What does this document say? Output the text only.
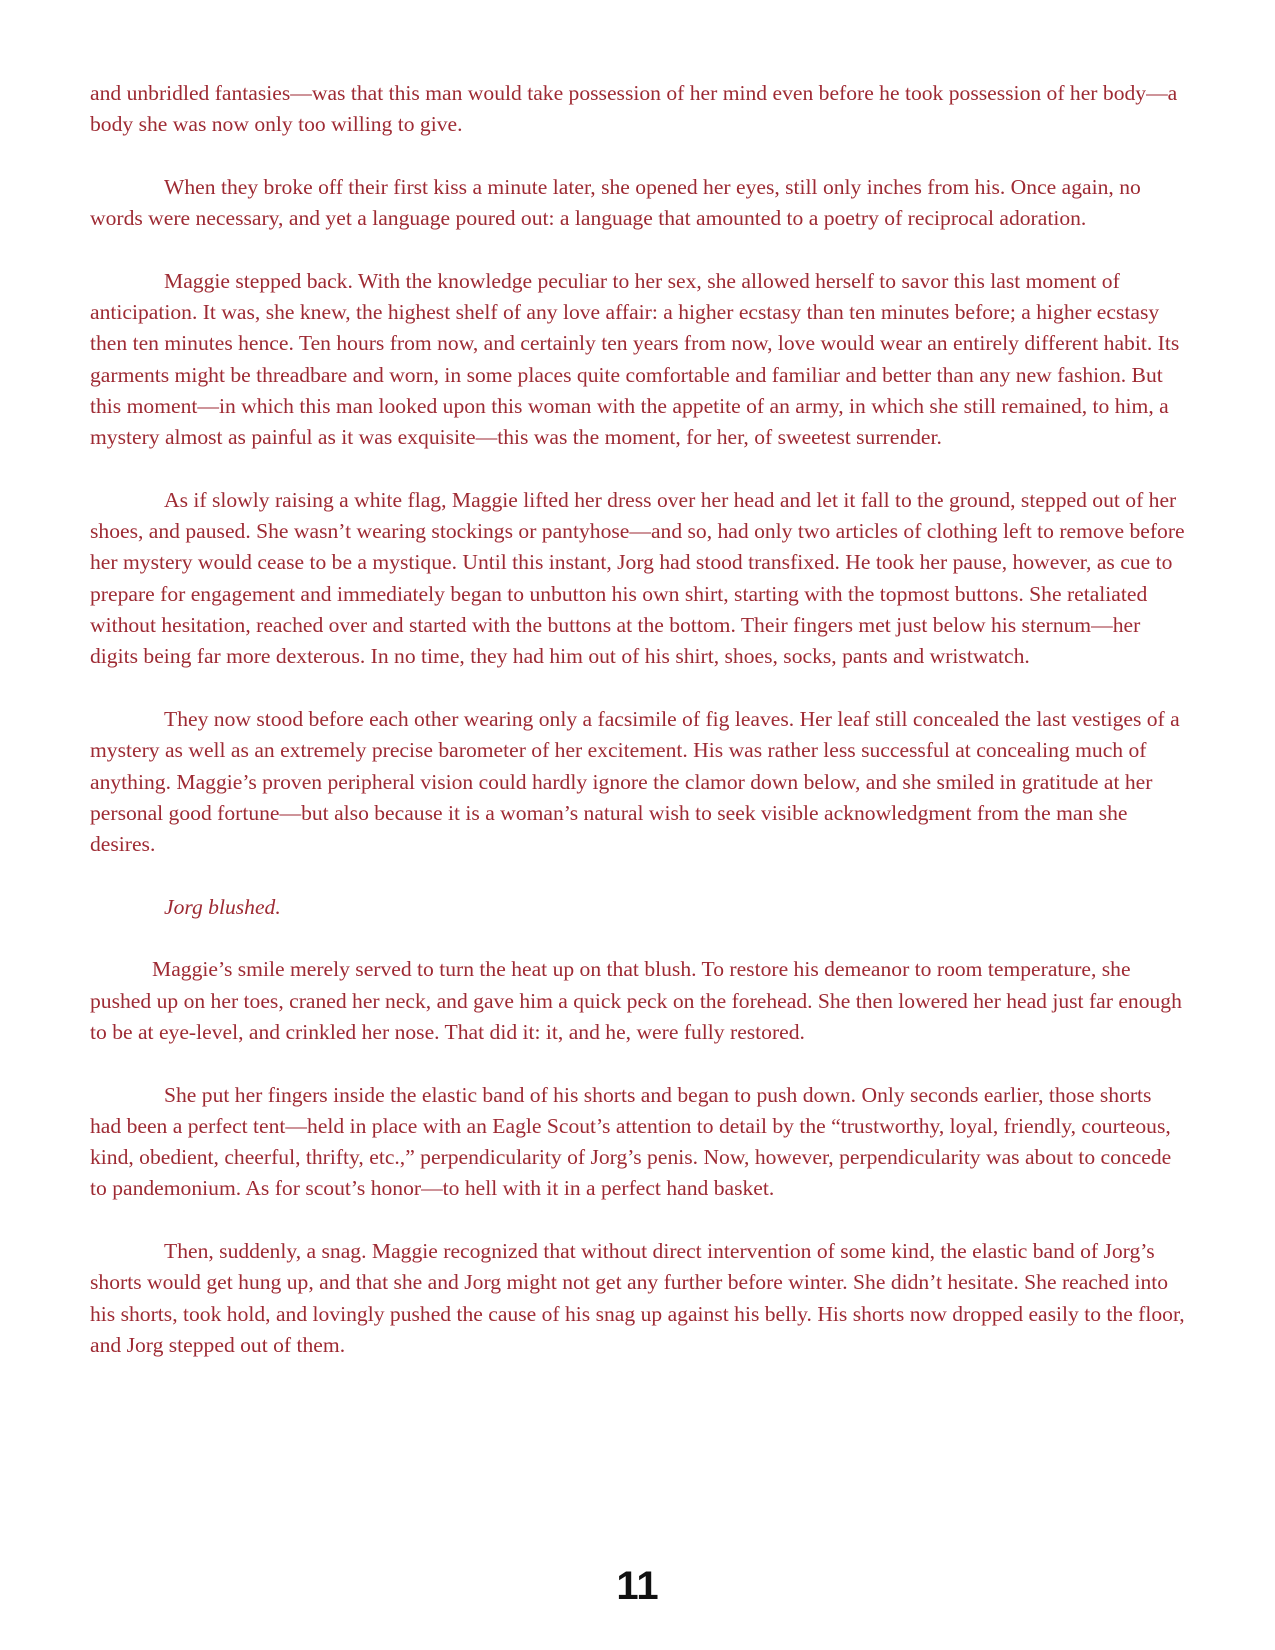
and unbridled fantasies—was that this man would take possession of her mind even before he took possession of her body—a body she was now only too willing to give.

When they broke off their first kiss a minute later, she opened her eyes, still only inches from his. Once again, no words were necessary, and yet a language poured out: a language that amounted to a poetry of reciprocal adoration.

Maggie stepped back. With the knowledge peculiar to her sex, she allowed herself to savor this last moment of anticipation. It was, she knew, the highest shelf of any love affair: a higher ecstasy than ten minutes before; a higher ecstasy then ten minutes hence. Ten hours from now, and certainly ten years from now, love would wear an entirely different habit. Its garments might be threadbare and worn, in some places quite comfortable and familiar and better than any new fashion. But this moment—in which this man looked upon this woman with the appetite of an army, in which she still remained, to him, a mystery almost as painful as it was exquisite—this was the moment, for her, of sweetest surrender.

As if slowly raising a white flag, Maggie lifted her dress over her head and let it fall to the ground, stepped out of her shoes, and paused. She wasn’t wearing stockings or pantyhose—and so, had only two articles of clothing left to remove before her mystery would cease to be a mystique. Until this instant, Jorg had stood transfixed. He took her pause, however, as cue to prepare for engagement and immediately began to unbutton his own shirt, starting with the topmost buttons. She retaliated without hesitation, reached over and started with the buttons at the bottom. Their fingers met just below his sternum—her digits being far more dexterous. In no time, they had him out of his shirt, shoes, socks, pants and wristwatch.

They now stood before each other wearing only a facsimile of fig leaves. Her leaf still concealed the last vestiges of a mystery as well as an extremely precise barometer of her excitement. His was rather less successful at concealing much of anything. Maggie’s proven peripheral vision could hardly ignore the clamor down below, and she smiled in gratitude at her personal good fortune—but also because it is a woman’s natural wish to seek visible acknowledgment from the man she desires.

Jorg blushed.

Maggie’s smile merely served to turn the heat up on that blush. To restore his demeanor to room temperature, she pushed up on her toes, craned her neck, and gave him a quick peck on the forehead. She then lowered her head just far enough to be at eye-level, and crinkled her nose. That did it: it, and he, were fully restored.

She put her fingers inside the elastic band of his shorts and began to push down. Only seconds earlier, those shorts had been a perfect tent—held in place with an Eagle Scout’s attention to detail by the “trustworthy, loyal, friendly, courteous, kind, obedient, cheerful, thrifty, etc.,” perpendicularity of Jorg’s penis. Now, however, perpendicularity was about to concede to pandemonium. As for scout’s honor—to hell with it in a perfect hand basket.

Then, suddenly, a snag. Maggie recognized that without direct intervention of some kind, the elastic band of Jorg’s shorts would get hung up, and that she and Jorg might not get any further before winter. She didn’t hesitate. She reached into his shorts, took hold, and lovingly pushed the cause of his snag up against his belly. His shorts now dropped easily to the floor, and Jorg stepped out of them.

11
